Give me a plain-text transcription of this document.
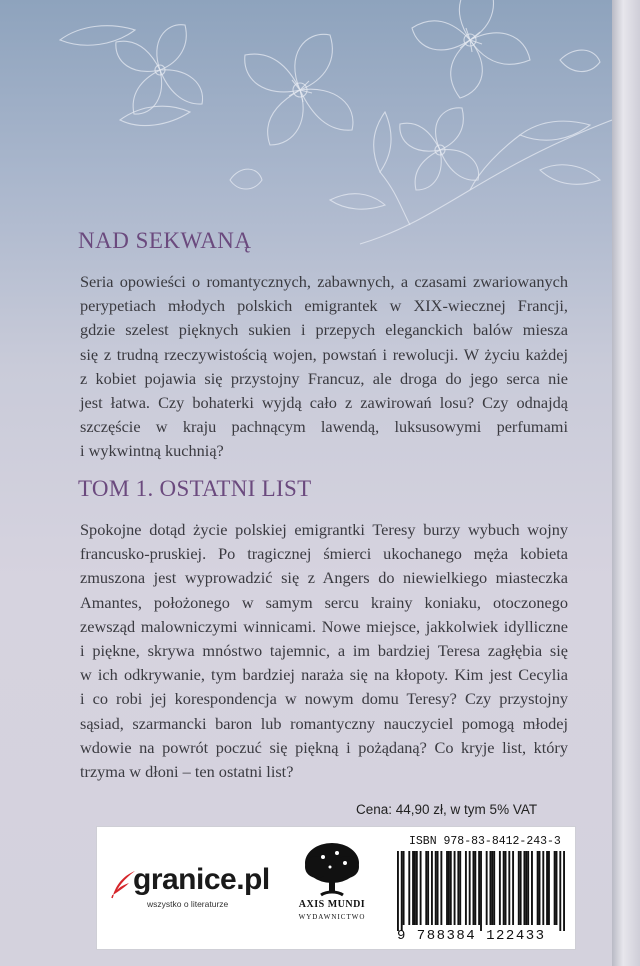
NAD SEKWANĄ

Seria opowieści o romantycznych, zabawnych, a czasami zwariowanych
perypetiach młodych polskich emigrantek w XIX-wiecznej Francji,
gdzie szelest pięknych sukien i przepych eleganckich balów miesza
się z trudną rzeczywistością wojen, powstań i rewolucji. W życiu każdej
z kobiet pojawia się przystojny Francuz, ale droga do jego serca nie
jest łatwa. Czy bohaterki wyjdą cało z zawirowań losu? Czy odnajdą
szczęście w kraju pachnącym lawendą, luksusowymi perfumami
i wykwintną kuchnią?

TOM 1. OSTATNI LIST

Spokojne dotąd życie polskiej emigrantki Teresy burzy wybuch wojny
francusko-pruskiej. Po tragicznej śmierci ukochanego męża kobieta
zmuszona jest wyprowadzić się z Angers do niewielkiego miasteczka
Amantes, położonego w samym sercu krainy koniaku, otoczonego
zewsząd malowniczymi winnicami. Nowe miejsce, jakkolwiek idylliczne
i piękne, skrywa mnóstwo tajemnic, a im bardziej Teresa zagłębia się
w ich odkrywanie, tym bardziej naraża się na kłopoty. Kim jest Cecylia
i co robi jej korespondencja w nowym domu Teresy? Czy przystojny
sąsiad, szarmancki baron lub romantyczny nauczyciel pomogą młodej
wdowie na powrót poczuć się piękną i pożądaną? Co kryje list, który
trzyma w dłoni – ten ostatni list?

Cena: 44,90 zł, w tym 5% VAT
granice.pl
wszystko o literaturze	AXIS MUNDI
WYDAWNICTWO
ISBN 978-83-8412-243-3
9 788384 122433
